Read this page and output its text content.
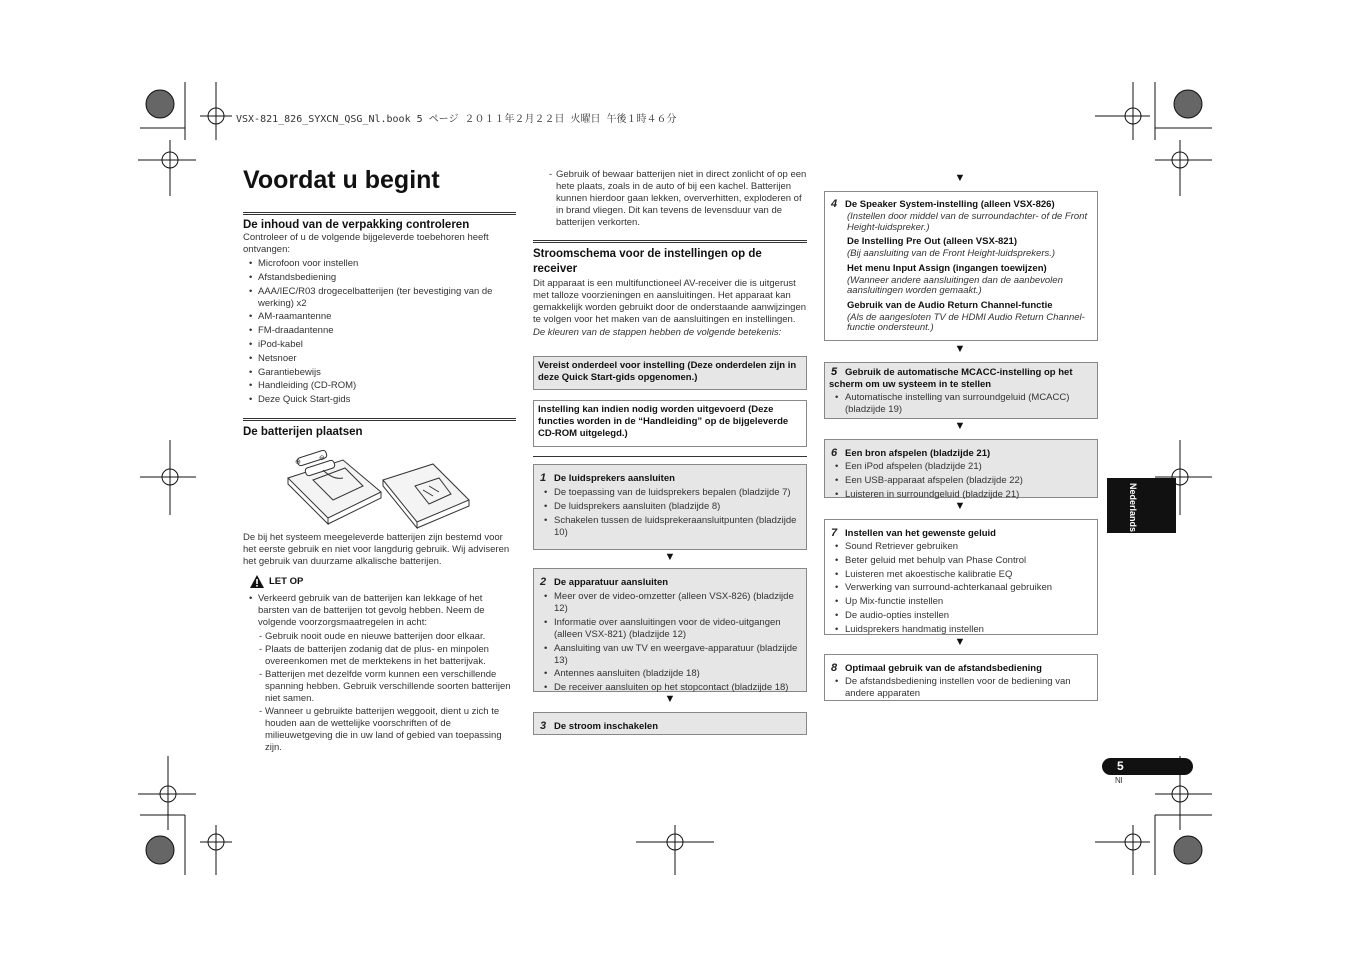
VSX-821_826_SYXCN_QSG_Nl.book 5 ページ ２０１１年２月２２日 火曜日 午後１時４６分
Voordat u begint
De inhoud van de verpakking controleren
Controleer of u de volgende bijgeleverde toebehoren heeft ontvangen:
• Microfoon voor instellen
• Afstandsbediening
• AAA/IEC/R03 drogecelbatterijen (ter bevestiging van de werking) x2
• AM-raamantenne
• FM-draadantenne
• iPod-kabel
• Netsnoer
• Garantiebewijs
• Handleiding (CD-ROM)
• Deze Quick Start-gids
De batterijen plaatsen
⊕
⊖
De bij het systeem meegeleverde batterijen zijn bestemd voor het eerste gebruik en niet voor langdurig gebruik. Wij adviseren het gebruik van duurzame alkalische batterijen.
LET OP
• Verkeerd gebruik van de batterijen kan lekkage of het barsten van de batterijen tot gevolg hebben. Neem de volgende voorzorgsmaatregelen in acht:
- Gebruik nooit oude en nieuwe batterijen door elkaar.
- Plaats de batterijen zodanig dat de plus- en minpolen overeenkomen met de merktekens in het batterijvak.
- Batterijen met dezelfde vorm kunnen een verschillende spanning hebben. Gebruik verschillende soorten batterijen niet samen.
- Wanneer u gebruikte batterijen weggooit, dient u zich te houden aan de wettelijke voorschriften of de milieuwetgeving die in uw land of gebied van toepassing zijn.
- Gebruik of bewaar batterijen niet in direct zonlicht of op een hete plaats, zoals in de auto of bij een kachel. Batterijen kunnen hierdoor gaan lekken, oververhitten, exploderen of in brand vliegen. Dit kan tevens de levensduur van de batterijen verkorten.
Stroomschema voor de instellingen op de receiver
Dit apparaat is een multifunctioneel AV-receiver die is uitgerust met talloze voorzieningen en aansluitingen. Het apparaat kan gemakkelijk worden gebruikt door de onderstaande aanwijzingen te volgen voor het maken van de aansluitingen en instellingen.
De kleuren van de stappen hebben de volgende betekenis:
Vereist onderdeel voor instelling (Deze onderdelen zijn in deze Quick Start-gids opgenomen.)
Instelling kan indien nodig worden uitgevoerd (Deze functies worden in de “Handleiding” op de bijgeleverde CD-ROM uitgelegd.)
1 De luidsprekers aansluiten
• De toepassing van de luidsprekers bepalen (bladzijde 7)
• De luidsprekers aansluiten (bladzijde 8)
• Schakelen tussen de luidsprekeraansluitpunten (bladzijde 10)
▼
2 De apparatuur aansluiten
• Meer over de video-omzetter (alleen VSX-826) (bladzijde 12)
• Informatie over aansluitingen voor de video-uitgangen (alleen VSX-821) (bladzijde 12)
• Aansluiting van uw TV en weergave-apparatuur (bladzijde 13)
• Antennes aansluiten (bladzijde 18)
• De receiver aansluiten op het stopcontact (bladzijde 18)
▼
3 De stroom inschakelen
▼
4 De Speaker System-instelling (alleen VSX-826)
(Instellen door middel van de surroundachter- of de Front Height-luidspreker.)
De Instelling Pre Out (alleen VSX-821)
(Bij aansluiting van de Front Height-luidsprekers.)
Het menu Input Assign (ingangen toewijzen)
(Wanneer andere aansluitingen dan de aanbevolen aansluitingen worden gemaakt.)
Gebruik van de Audio Return Channel-functie
(Als de aangesloten TV de HDMI Audio Return Channel-functie ondersteunt.)
▼
5 Gebruik de automatische MCACC-instelling op het scherm om uw systeem in te stellen
• Automatische instelling van surroundgeluid (MCACC) (bladzijde 19)
▼
6 Een bron afspelen (bladzijde 21)
• Een iPod afspelen (bladzijde 21)
• Een USB-apparaat afspelen (bladzijde 22)
• Luisteren in surroundgeluid (bladzijde 21)
▼
7 Instellen van het gewenste geluid
• Sound Retriever gebruiken
• Beter geluid met behulp van Phase Control
• Luisteren met akoestische kalibratie EQ
• Verwerking van surround-achterkanaal gebruiken
• Up Mix-functie instellen
• De audio-opties instellen
• Luidsprekers handmatig instellen
▼
8 Optimaal gebruik van de afstandsbediening
• De afstandsbediening instellen voor de bediening van andere apparaten
Nederlands
5
Nl
